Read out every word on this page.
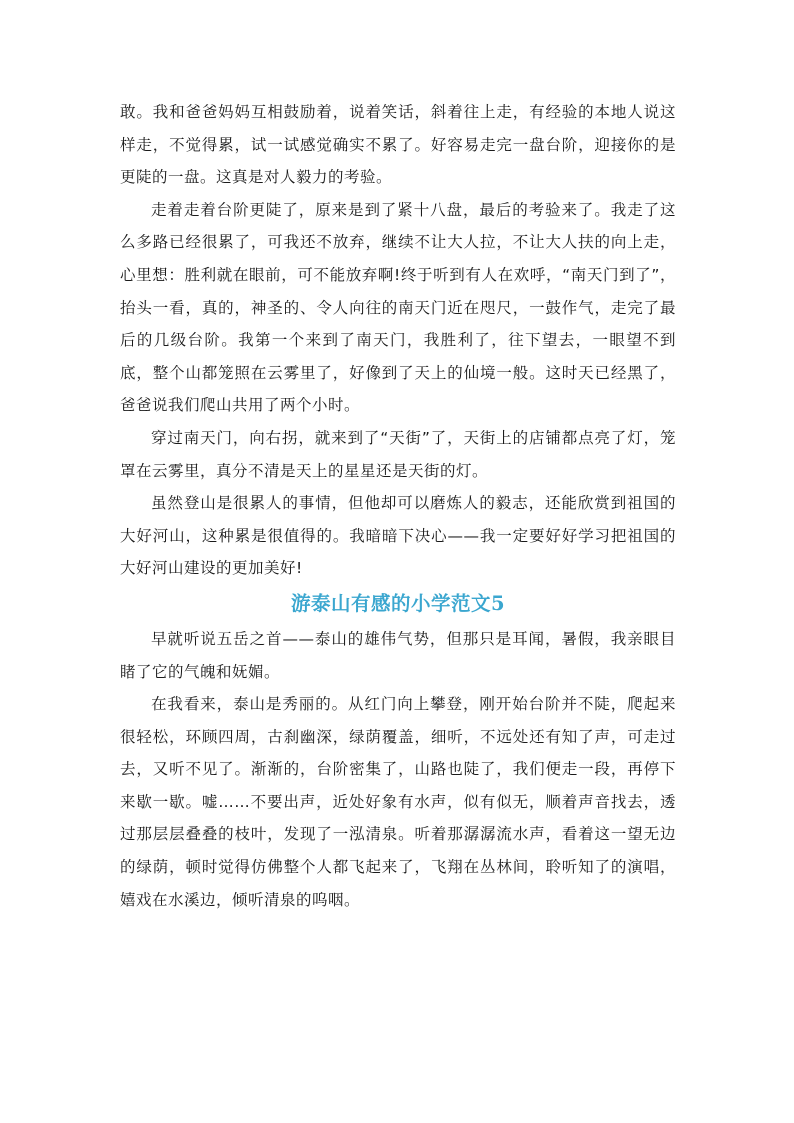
敢。我和爸爸妈妈互相鼓励着，说着笑话，斜着往上走，有经验的本地人说这样走，不觉得累，试一试感觉确实不累了。好容易走完一盘台阶，迎接你的是更陡的一盘。这真是对人毅力的考验。

走着走着台阶更陡了，原来是到了紧十八盘，最后的考验来了。我走了这么多路已经很累了，可我还不放弃，继续不让大人拉，不让大人扶的向上走，心里想：胜利就在眼前，可不能放弃啊!终于听到有人在欢呼，“南天门到了”，抬头一看，真的，神圣的、令人向往的南天门近在咫尺，一鼓作气，走完了最后的几级台阶。我第一个来到了南天门，我胜利了，往下望去，一眼望不到底，整个山都笼照在云雾里了，好像到了天上的仙境一般。这时天已经黑了，爸爸说我们爬山共用了两个小时。

穿过南天门，向右拐，就来到了“天街”了，天街上的店铺都点亮了灯，笼罩在云雾里，真分不清是天上的星星还是天街的灯。

虽然登山是很累人的事情，但他却可以磨炼人的毅志，还能欣赏到祖国的大好河山，这种累是很值得的。我暗暗下决心——我一定要好好学习把祖国的大好河山建设的更加美好!

游泰山有感的小学范文5

早就听说五岳之首——泰山的雄伟气势，但那只是耳闻，暑假，我亲眼目睹了它的气魄和妩媚。

在我看来，泰山是秀丽的。从红门向上攀登，刚开始台阶并不陡，爬起来很轻松，环顾四周，古刹幽深，绿荫覆盖，细听，不远处还有知了声，可走过去，又听不见了。渐渐的，台阶密集了，山路也陡了，我们便走一段，再停下来歇一歇。嘘……不要出声，近处好象有水声，似有似无，顺着声音找去，透过那层层叠叠的枝叶，发现了一泓清泉。听着那潺潺流水声，看着这一望无边的绿荫，顿时觉得仿佛整个人都飞起来了，飞翔在丛林间，聆听知了的演唱，嬉戏在水溪边，倾听清泉的呜咽。
